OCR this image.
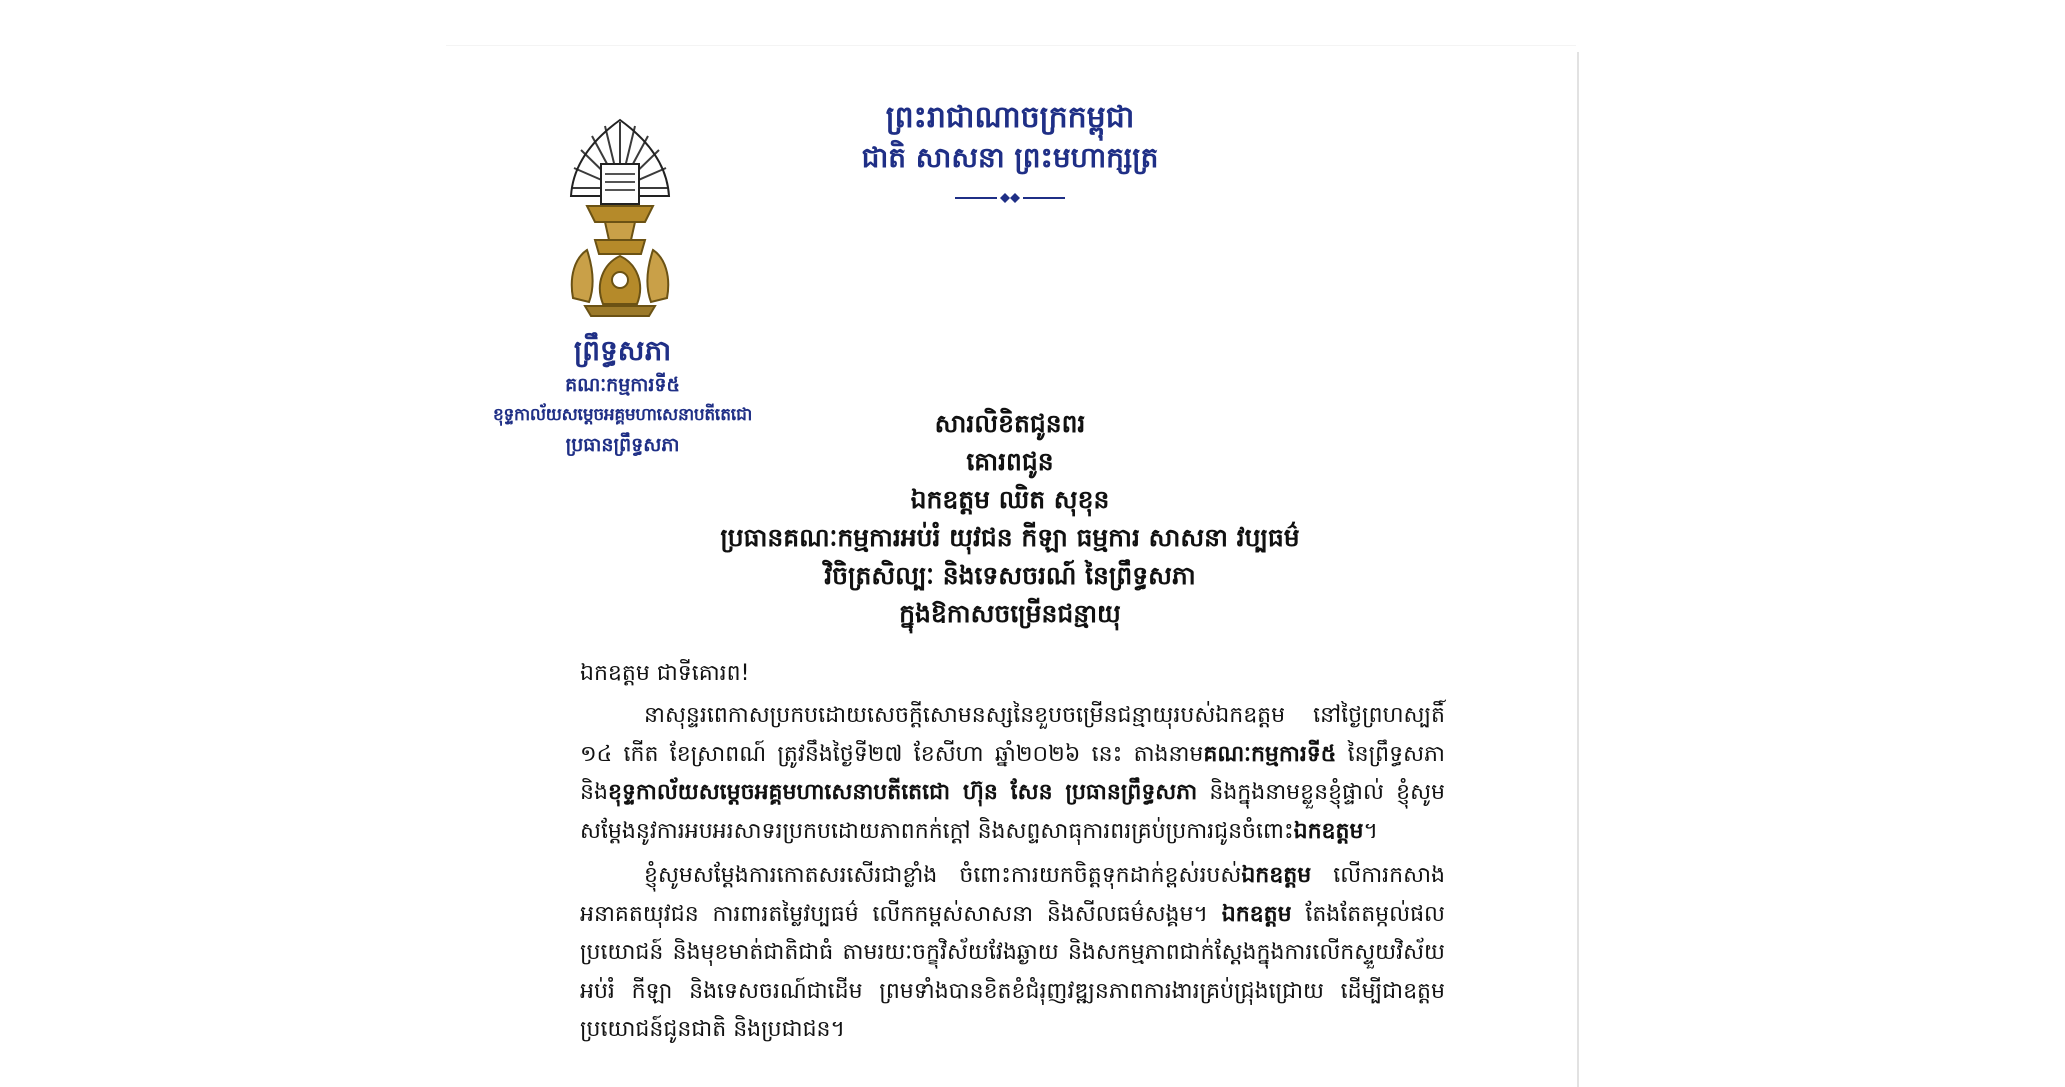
ព្រះរាជាណាចក្រកម្ពុជា
ជាតិ សាសនា ព្រះមហាក្សត្រ
ព្រឹទ្ធសភា
គណៈកម្មការទី៥
ខុទ្ទកាល័យសម្ដេចអគ្គមហាសេនាបតីតេជោ
ប្រធានព្រឹទ្ធសភា
សារលិខិតជូនពរ
គោរពជូន
ឯកឧត្តម ឈិត សុខុន
ប្រធានគណៈកម្មការអប់រំ យុវជន កីឡា ធម្មការ សាសនា វប្បធម៌
វិចិត្រសិល្បៈ និងទេសចរណ៍ នៃព្រឹទ្ធសភា
ក្នុងឱកាសចម្រើនជន្មាយុ
ឯកឧត្តម ជាទីគោរព!
នាសុន្ទរពេកាសប្រកបដោយសេចក្ដីសោមនស្សនៃខួបចម្រើនជន្មាយុរបស់ឯកឧត្តម នៅថ្ងៃព្រហស្បតិ៍ ១៤ កើត ខែស្រាពណ៍ ត្រូវនឹងថ្ងៃទី២៧ ខែសីហា ឆ្នាំ២០២៦ នេះ តាងនាមគណៈកម្មការទី៥ នៃព្រឹទ្ធសភា និងខុទ្ទកាល័យសម្ដេចអគ្គមហាសេនាបតីតេជោ ហ៊ុន សែន ប្រធានព្រឹទ្ធសភា និងក្នុងនាមខ្លួនខ្ញុំផ្ទាល់ ខ្ញុំសូមសម្ដែងនូវការអបអរសាទរប្រកបដោយភាពកក់ក្ដៅ និងសព្ទសាធុការពរគ្រប់ប្រការជូនចំពោះឯកឧត្តម។
ខ្ញុំសូមសម្ដែងការកោតសរសើរជាខ្លាំង ចំពោះការយកចិត្តទុកដាក់ខ្ពស់របស់ឯកឧត្តម លើការកសាងអនាគតយុវជន ការពារតម្លៃវប្បធម៌ លើកកម្ពស់សាសនា និងសីលធម៌សង្គម។ ឯកឧត្តម តែងតែតម្កល់ផលប្រយោជន៍ និងមុខមាត់ជាតិជាធំ តាមរយៈចក្ខុវិស័យវែងឆ្ងាយ និងសកម្មភាពជាក់ស្ដែងក្នុងការលើកស្ទួយវិស័យអប់រំ កីឡា និងទេសចរណ៍ជាដើម ព្រមទាំងបានខិតខំជំរុញវឌ្ឍនភាពការងារគ្រប់ជ្រុងជ្រោយ ដើម្បីជាឧត្តមប្រយោជន៍ជូនជាតិ និងប្រជាជន។
